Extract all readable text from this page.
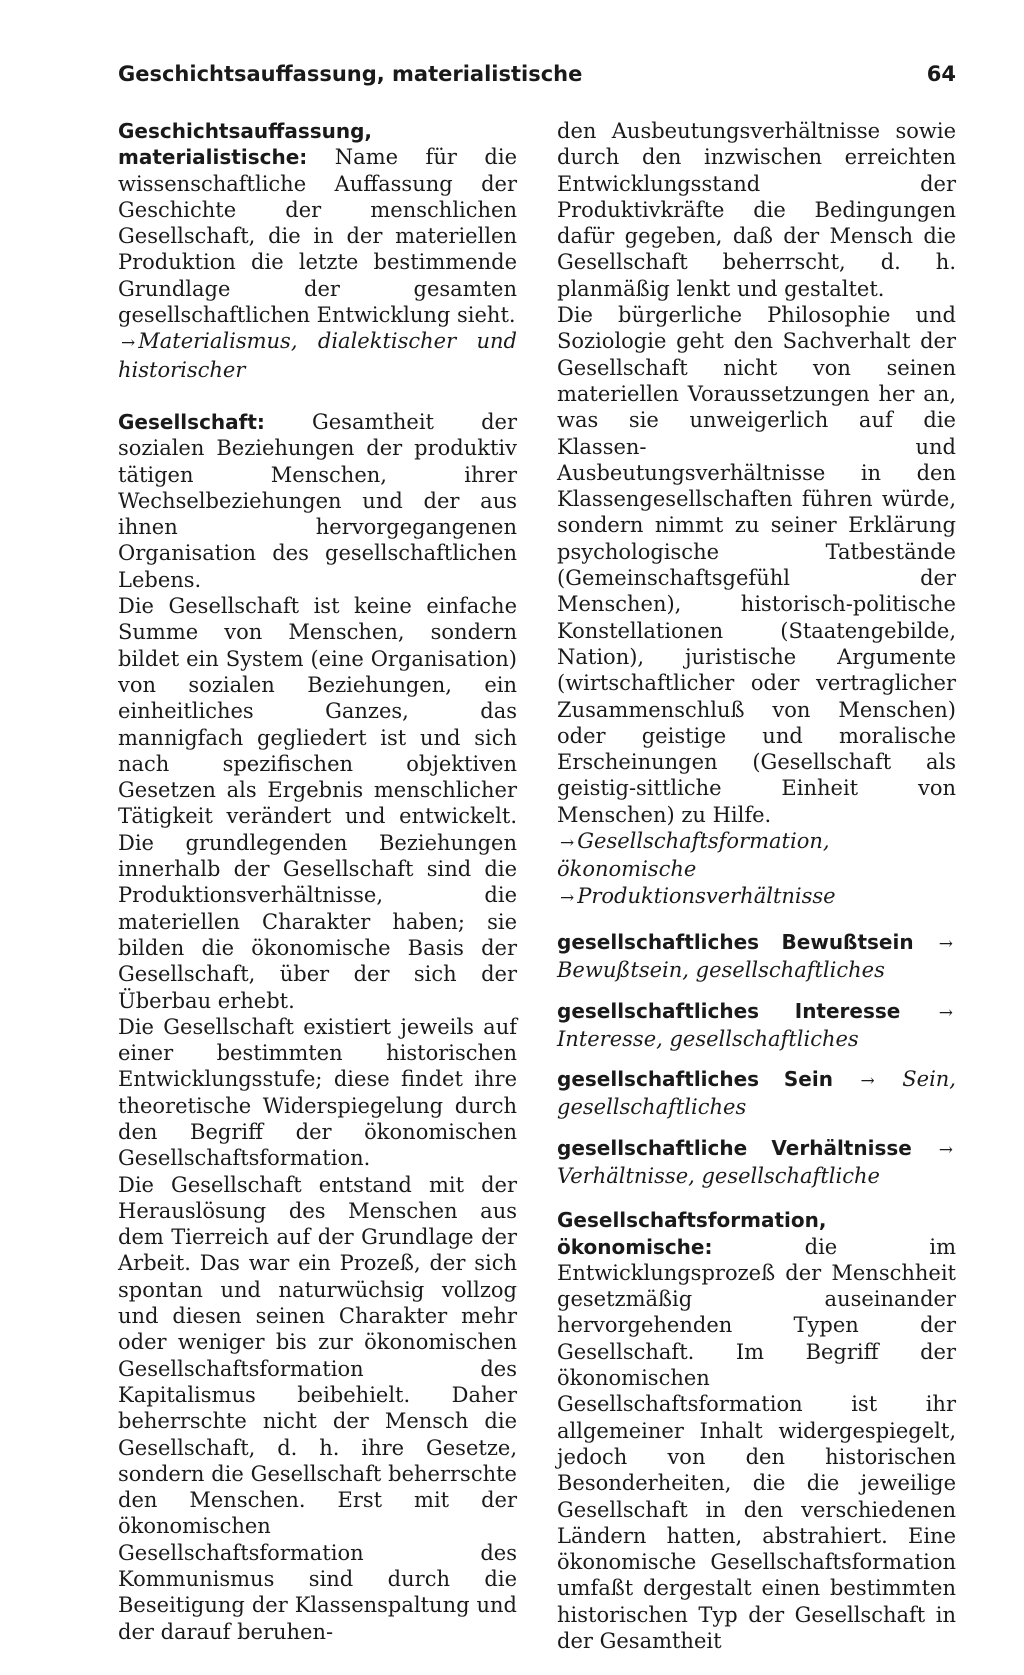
Geschichtsauffassung, materialistische	64

Geschichtsauffassung, materialistische: Name für die wissenschaftliche Auffassung der Geschichte der menschlichen Gesellschaft, die in der materiellen Produktion die letzte bestimmende Grundlage der gesamten gesellschaftlichen Entwicklung sieht.
→ Materialismus, dialektischer und historischer

Gesellschaft: Gesamtheit der sozialen Beziehungen der produktiv tätigen Menschen, ihrer Wechselbeziehungen und der aus ihnen hervorgegangenen Organisation des gesellschaftlichen Lebens.

Die Gesellschaft ist keine einfache Summe von Menschen, sondern bildet ein System (eine Organisation) von sozialen Beziehungen, ein einheitliches Ganzes, das mannigfach gegliedert ist und sich nach spezifischen objektiven Gesetzen als Ergebnis menschlicher Tätigkeit verändert und entwickelt. Die grundlegenden Beziehungen innerhalb der Gesellschaft sind die Produktionsverhältnisse, die materiellen Charakter haben; sie bilden die ökonomische Basis der Gesellschaft, über der sich der Überbau erhebt.

Die Gesellschaft existiert jeweils auf einer bestimmten historischen Entwicklungsstufe; diese findet ihre theoretische Widerspiegelung durch den Begriff der ökonomischen Gesellschaftsformation.

Die Gesellschaft entstand mit der Herauslösung des Menschen aus dem Tierreich auf der Grundlage der Arbeit. Das war ein Prozeß, der sich spontan und naturwüchsig vollzog und diesen seinen Charakter mehr oder weniger bis zur ökonomischen Gesellschaftsformation des Kapitalismus beibehielt. Daher beherrschte nicht der Mensch die Gesellschaft, d. h. ihre Gesetze, sondern die Gesellschaft beherrschte den Menschen. Erst mit der ökonomischen Gesellschaftsformation des Kommunismus sind durch die Beseitigung der Klassenspaltung und der darauf beruhen-

den Ausbeutungsverhältnisse sowie durch den inzwischen erreichten Entwicklungsstand der Produktivkräfte die Bedingungen dafür gegeben, daß der Mensch die Gesellschaft beherrscht, d. h. planmäßig lenkt und gestaltet.

Die bürgerliche Philosophie und Soziologie geht den Sachverhalt der Gesellschaft nicht von seinen materiellen Voraussetzungen her an, was sie unweigerlich auf die Klassen- und Ausbeutungsverhältnisse in den Klassengesellschaften führen würde, sondern nimmt zu seiner Erklärung psychologische Tatbestände (Gemeinschaftsgefühl der Menschen), historisch-politische Konstellationen (Staatengebilde, Nation), juristische Argumente (wirtschaftlicher oder vertraglicher Zusammenschluß von Menschen) oder geistige und moralische Erscheinungen (Gesellschaft als geistig-sittliche Einheit von Menschen) zu Hilfe.

→ Gesellschaftsformation, ökonomische → Produktionsverhältnisse

gesellschaftliches Bewußtsein → Bewußtsein, gesellschaftliches

gesellschaftliches Interesse → Interesse, gesellschaftliches

gesellschaftliches Sein → Sein, gesellschaftliches

gesellschaftliche Verhältnisse → Verhältnisse, gesellschaftliche

Gesellschaftsformation, ökonomische: die im Entwicklungsprozeß der Menschheit gesetzmäßig auseinander hervorgehenden Typen der Gesellschaft. Im Begriff der ökonomischen Gesellschaftsformation ist ihr allgemeiner Inhalt widergespiegelt, jedoch von den historischen Besonderheiten, die die jeweilige Gesellschaft in den verschiedenen Ländern hatten, abstrahiert. Eine ökonomische Gesellschaftsformation umfaßt dergestalt einen bestimmten historischen Typ der Gesellschaft in der Gesamtheit
